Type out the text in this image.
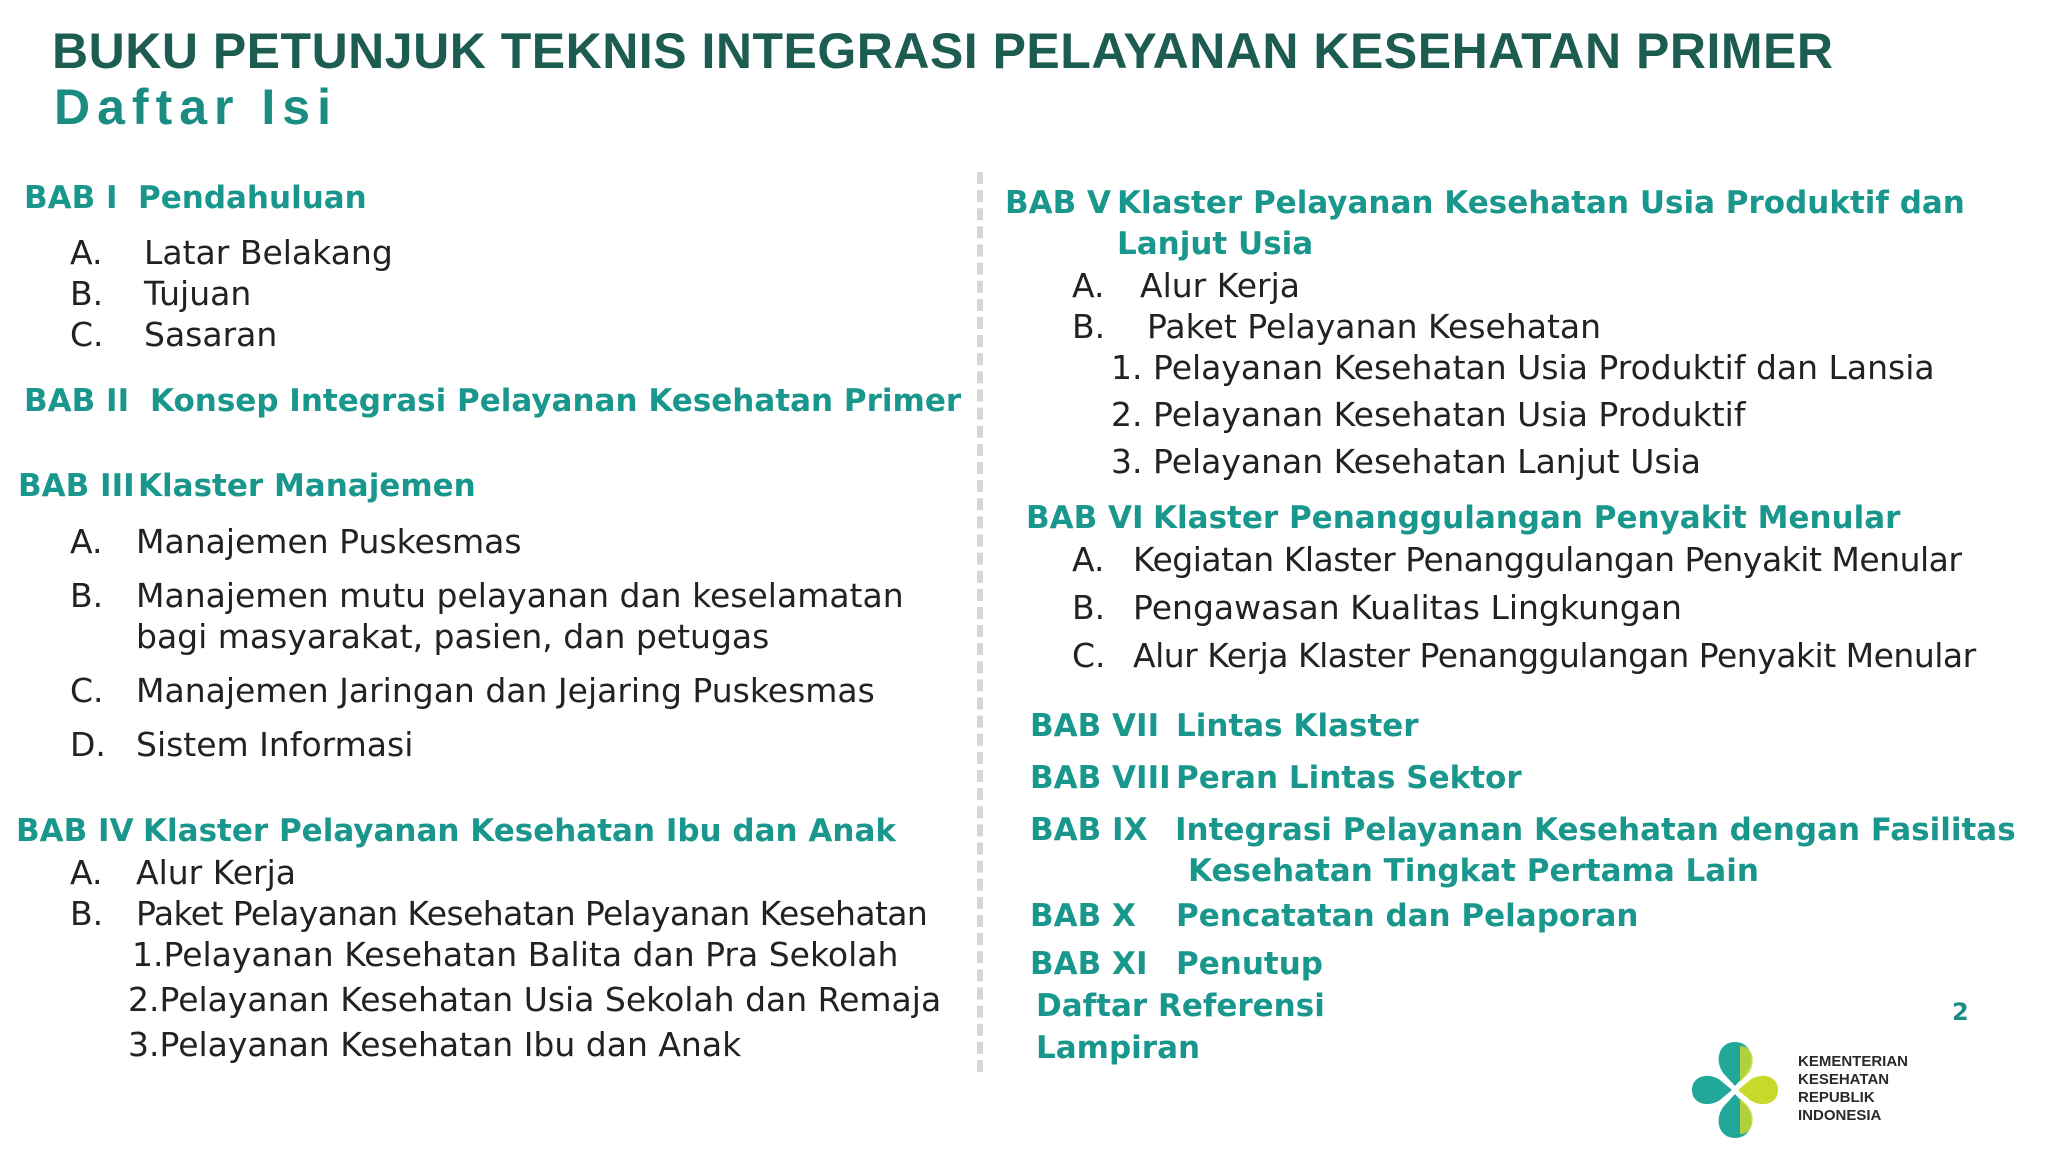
BUKU PETUNJUK TEKNIS INTEGRASI PELAYANAN KESEHATAN PRIMER
Daftar Isi
BAB I Pendahuluan
A. Latar Belakang
B. Tujuan
C. Sasaran
BAB II Konsep Integrasi Pelayanan Kesehatan Primer
BAB III Klaster Manajemen
A. Manajemen Puskesmas
B. Manajemen mutu pelayanan dan keselamatan
bagi masyarakat, pasien, dan petugas
C. Manajemen Jaringan dan Jejaring Puskesmas
D. Sistem Informasi
BAB IV Klaster Pelayanan Kesehatan Ibu dan Anak
A. Alur Kerja
B. Paket Pelayanan Kesehatan Pelayanan Kesehatan
1.Pelayanan Kesehatan Balita dan Pra Sekolah
2.Pelayanan Kesehatan Usia Sekolah dan Remaja
3.Pelayanan Kesehatan Ibu dan Anak
BAB V Klaster Pelayanan Kesehatan Usia Produktif dan
Lanjut Usia
A. Alur Kerja
B. Paket Pelayanan Kesehatan
1. Pelayanan Kesehatan Usia Produktif dan Lansia
2. Pelayanan Kesehatan Usia Produktif
3. Pelayanan Kesehatan Lanjut Usia
BAB VI Klaster Penanggulangan Penyakit Menular
A. Kegiatan Klaster Penanggulangan Penyakit Menular
B. Pengawasan Kualitas Lingkungan
C. Alur Kerja Klaster Penanggulangan Penyakit Menular
BAB VII Lintas Klaster
BAB VIII Peran Lintas Sektor
BAB IX Integrasi Pelayanan Kesehatan dengan Fasilitas
Kesehatan Tingkat Pertama Lain
BAB X Pencatatan dan Pelaporan
BAB XI Penutup
Daftar Referensi
Lampiran
2
KEMENTERIAN
KESEHATAN
REPUBLIK
INDONESIA
